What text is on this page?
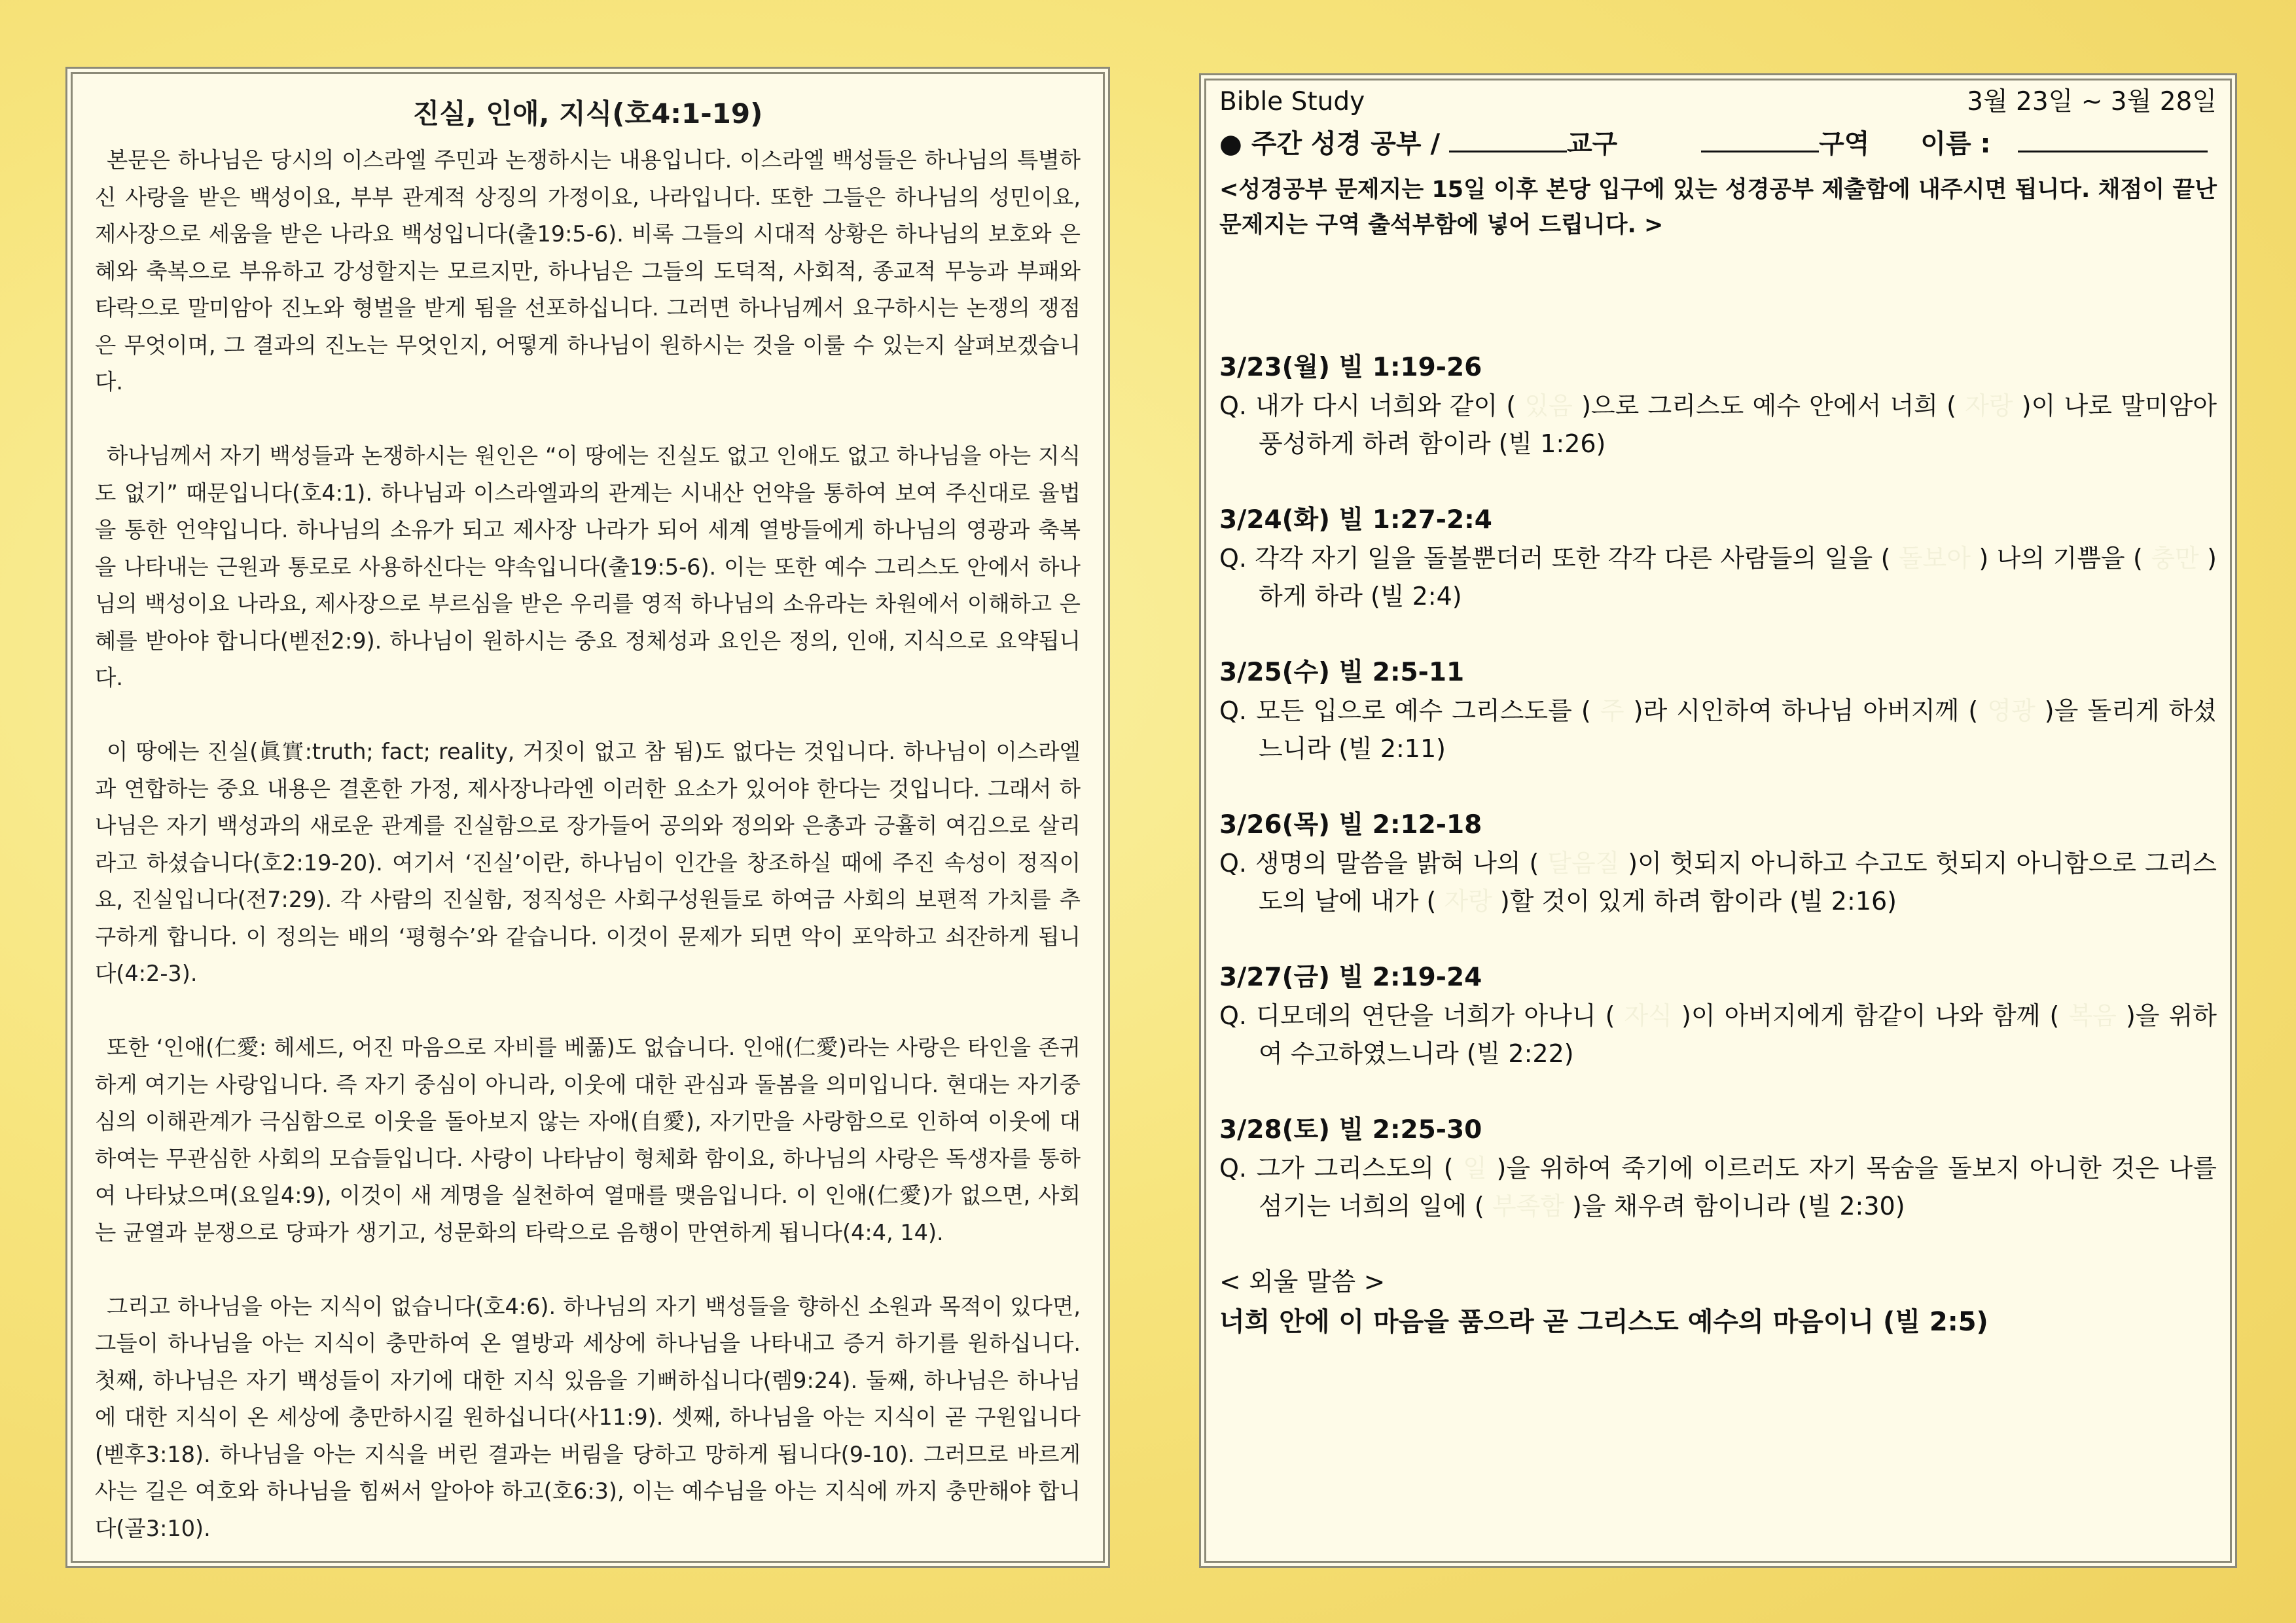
진실, 인애, 지식(호4:1-19)

본문은 하나님은 당시의 이스라엘 주민과 논쟁하시는 내용입니다. 이스라엘 백성들은 하나님의 특별하신 사랑을 받은 백성이요, 부부 관계적 상징의 가정이요, 나라입니다. 또한 그들은 하나님의 성민이요, 제사장으로 세움을 받은 나라요 백성입니다(출19:5-6). 비록 그들의 시대적 상황은 하나님의 보호와 은혜와 축복으로 부유하고 강성할지는 모르지만, 하나님은 그들의 도덕적, 사회적, 종교적 무능과 부패와 타락으로 말미암아 진노와 형벌을 받게 됨을 선포하십니다. 그러면 하나님께서 요구하시는 논쟁의 쟁점은 무엇이며, 그 결과의 진노는 무엇인지, 어떻게 하나님이 원하시는 것을 이룰 수 있는지 살펴보겠습니다.

하나님께서 자기 백성들과 논쟁하시는 원인은 “이 땅에는 진실도 없고 인애도 없고 하나님을 아는 지식도 없기” 때문입니다(호4:1). 하나님과 이스라엘과의 관계는 시내산 언약을 통하여 보여 주신대로 율법을 통한 언약입니다. 하나님의 소유가 되고 제사장 나라가 되어 세계 열방들에게 하나님의 영광과 축복을 나타내는 근원과 통로로 사용하신다는 약속입니다(출19:5-6). 이는 또한 예수 그리스도 안에서 하나님의 백성이요 나라요, 제사장으로 부르심을 받은 우리를 영적 하나님의 소유라는 차원에서 이해하고 은혜를 받아야 합니다(벧전2:9). 하나님이 원하시는 중요 정체성과 요인은 정의, 인애, 지식으로 요약됩니다.

이 땅에는 진실(眞實:truth; fact; reality, 거짓이 없고 참 됨)도 없다는 것입니다. 하나님이 이스라엘과 연합하는 중요 내용은 결혼한 가정, 제사장나라엔 이러한 요소가 있어야 한다는 것입니다. 그래서 하나님은 자기 백성과의 새로운 관계를 진실함으로 장가들어 공의와 정의와 은총과 긍휼히 여김으로 살리라고 하셨습니다(호2:19-20). 여기서 ‘진실’이란, 하나님이 인간을 창조하실 때에 주진 속성이 정직이요, 진실입니다(전7:29). 각 사람의 진실함, 정직성은 사회구성원들로 하여금 사회의 보편적 가치를 추구하게 합니다. 이 정의는 배의 ‘평형수’와 같습니다. 이것이 문제가 되면 악이 포악하고 쇠잔하게 됩니다(4:2-3).

또한 ‘인애(仁愛: 헤세드, 어진 마음으로 자비를 베풂)도 없습니다. 인애(仁愛)라는 사랑은 타인을 존귀하게 여기는 사랑입니다. 즉 자기 중심이 아니라, 이웃에 대한 관심과 돌봄을 의미입니다. 현대는 자기중심의 이해관계가 극심함으로 이웃을 돌아보지 않는 자애(自愛), 자기만을 사랑함으로 인하여 이웃에 대하여는 무관심한 사회의 모습들입니다. 사랑이 나타남이 형체화 함이요, 하나님의 사랑은 독생자를 통하여 나타났으며(요일4:9), 이것이 새 계명을 실천하여 열매를 맺음입니다. 이 인애(仁愛)가 없으면, 사회는 균열과 분쟁으로 당파가 생기고, 성문화의 타락으로 음행이 만연하게 됩니다(4:4, 14).

그리고 하나님을 아는 지식이 없습니다(호4:6). 하나님의 자기 백성들을 향하신 소원과 목적이 있다면, 그들이 하나님을 아는 지식이 충만하여 온 열방과 세상에 하나님을 나타내고 증거 하기를 원하십니다. 첫째, 하나님은 자기 백성들이 자기에 대한 지식 있음을 기뻐하십니다(렘9:24). 둘째, 하나님은 하나님에 대한 지식이 온 세상에 충만하시길 원하십니다(사11:9). 셋째, 하나님을 아는 지식이 곧 구원입니다(벧후3:18). 하나님을 아는 지식을 버린 결과는 버림을 당하고 망하게 됩니다(9-10). 그러므로 바르게 사는 길은 여호와 하나님을 힘써서 알아야 하고(호6:3), 이는 예수님을 아는 지식에 까지 충만해야 합니다(골3:10).

Bible Study	3월 23일 ~ 3월 28일
● 주간 성경 공부 /	교구	구역 이름 :

<성경공부 문제지는 15일 이후 본당 입구에 있는 성경공부 제출함에 내주시면 됩니다. 채점이 끝난 문제지는 구역 출석부함에 넣어 드립니다. >

3/23(월) 빌 1:19-26

Q. 내가 다시 너희와 같이 ( 있음 )으로 그리스도 예수 안에서 너희 ( 자랑 )이 나로 말미암아 풍성하게 하려 함이라 (빌 1:26)

3/24(화) 빌 1:27-2:4

Q. 각각 자기 일을 돌볼뿐더러 또한 각각 다른 사람들의 일을 ( 돌보아 ) 나의 기쁨을 ( 충만 )하게 하라 (빌 2:4)

3/25(수) 빌 2:5-11

Q. 모든 입으로 예수 그리스도를 ( 주 )라 시인하여 하나님 아버지께 ( 영광 )을 돌리게 하셨느니라 (빌 2:11)

3/26(목) 빌 2:12-18

Q. 생명의 말씀을 밝혀 나의 ( 달음질 )이 헛되지 아니하고 수고도 헛되지 아니함으로 그리스도의 날에 내가 ( 자랑 )할 것이 있게 하려 함이라 (빌 2:16)

3/27(금) 빌 2:19-24

Q. 디모데의 연단을 너희가 아나니 ( 자식 )이 아버지에게 함같이 나와 함께 ( 복음 )을 위하여 수고하였느니라 (빌 2:22)

3/28(토) 빌 2:25-30

Q. 그가 그리스도의 ( 일 )을 위하여 죽기에 이르러도 자기 목숨을 돌보지 아니한 것은 나를 섬기는 너희의 일에 ( 부족함 )을 채우려 함이니라 (빌 2:30)

< 외울 말씀 >
너희 안에 이 마음을 품으라 곧 그리스도 예수의 마음이니 (빌 2:5)
